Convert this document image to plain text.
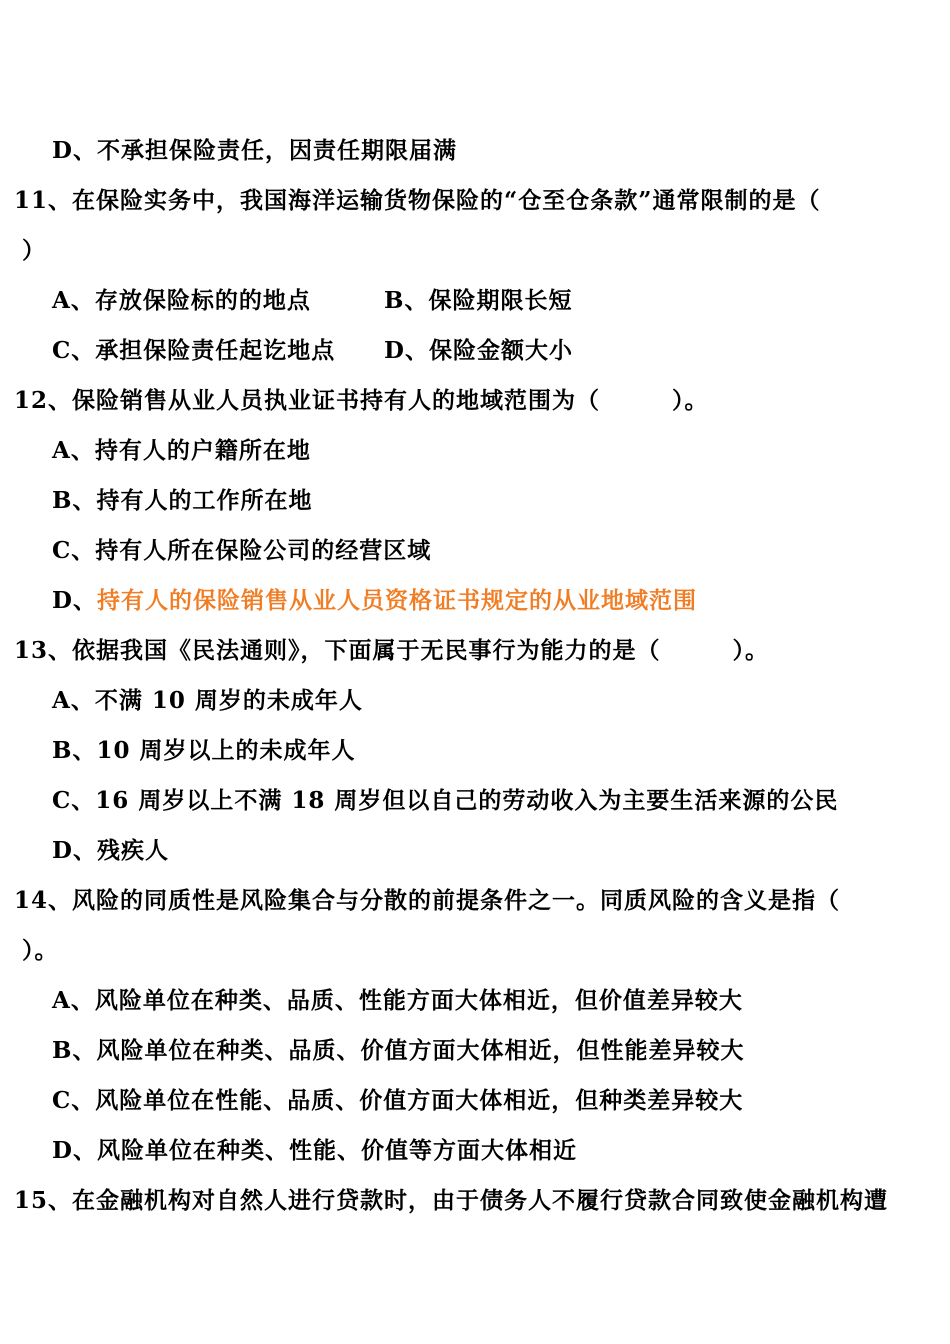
D、不承担保险责任，因责任期限届满
11、在保险实务中，我国海洋运输货物保险的“仓至仓条款”通常限制的是（
）
A、存放保险标的的地点	B、保险期限长短
C、承担保险责任起讫地点 D、保险金额大小
12、保险销售从业人员执业证书持有人的地域范围为（　　　）。
A、持有人的户籍所在地
B、持有人的工作所在地
C、持有人所在保险公司的经营区域
D、持有人的保险销售从业人员资格证书规定的从业地域范围
13、依据我国《民法通则》，下面属于无民事行为能力的是（　　　）。
A、不满 10 周岁的未成年人
B、10 周岁以上的未成年人
C、16 周岁以上不满 18 周岁但以自己的劳动收入为主要生活来源的公民
D、残疾人
14、风险的同质性是风险集合与分散的前提条件之一。同质风险的含义是指（
）。
A、风险单位在种类、品质、性能方面大体相近，但价值差异较大
B、风险单位在种类、品质、价值方面大体相近，但性能差异较大
C、风险单位在性能、品质、价值方面大体相近，但种类差异较大
D、风险单位在种类、性能、价值等方面大体相近
15、在金融机构对自然人进行贷款时，由于债务人不履行贷款合同致使金融机构遭
